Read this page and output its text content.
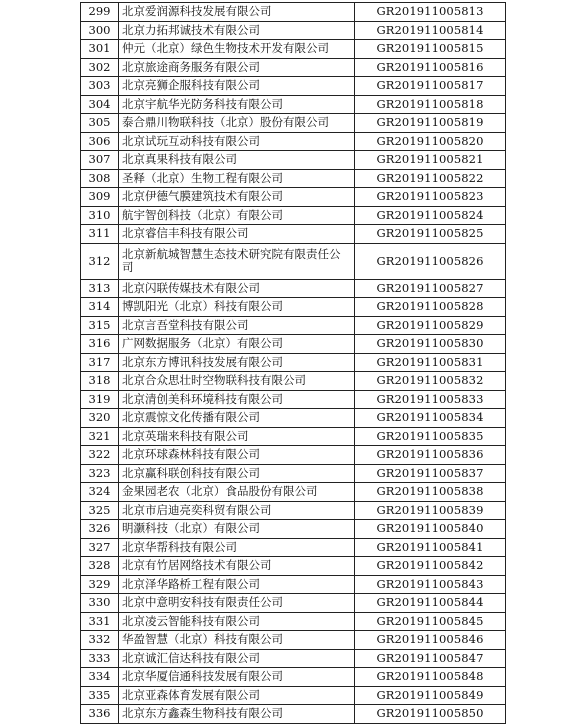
299	北京爱润源科技发展有限公司	GR201911005813
300	北京力拓邦诚技术有限公司	GR201911005814
301	仲元（北京）绿色生物技术开发有限公司	GR201911005815
302	北京旅途商务服务有限公司	GR201911005816
303	北京亮狮企服科技有限公司	GR201911005817
304	北京宇航华光防务科技有限公司	GR201911005818
305	泰合鼎川物联科技（北京）股份有限公司	GR201911005819
306	北京试玩互动科技有限公司	GR201911005820
307	北京真果科技有限公司	GR201911005821
308	圣释（北京）生物工程有限公司	GR201911005822
309	北京伊德气膜建筑技术有限公司	GR201911005823
310	航宇智创科技（北京）有限公司	GR201911005824
311	北京睿信丰科技有限公司	GR201911005825
312	北京新航城智慧生态技术研究院有限责任公司	GR201911005826
313	北京闪联传媒技术有限公司	GR201911005827
314	博凯阳光（北京）科技有限公司	GR201911005828
315	北京言吾堂科技有限公司	GR201911005829
316	广网数据服务（北京）有限公司	GR201911005830
317	北京东方博讯科技发展有限公司	GR201911005831
318	北京合众思壮时空物联科技有限公司	GR201911005832
319	北京清创美科环境科技有限公司	GR201911005833
320	北京震惊文化传播有限公司	GR201911005834
321	北京英瑞来科技有限公司	GR201911005835
322	北京环球森林科技有限公司	GR201911005836
323	北京赢科联创科技有限公司	GR201911005837
324	金果园老农（北京）食品股份有限公司	GR201911005838
325	北京市启迪亮奕科贸有限公司	GR201911005839
326	明灏科技（北京）有限公司	GR201911005840
327	北京华帮科技有限公司	GR201911005841
328	北京有竹居网络技术有限公司	GR201911005842
329	北京泽华路桥工程有限公司	GR201911005843
330	北京中意明安科技有限责任公司	GR201911005844
331	北京凌云智能科技有限公司	GR201911005845
332	华盈智慧（北京）科技有限公司	GR201911005846
333	北京诚汇信达科技有限公司	GR201911005847
334	北京华厦信通科技发展有限公司	GR201911005848
335	北京亚森体育发展有限公司	GR201911005849
336	北京东方鑫森生物科技有限公司	GR201911005850
